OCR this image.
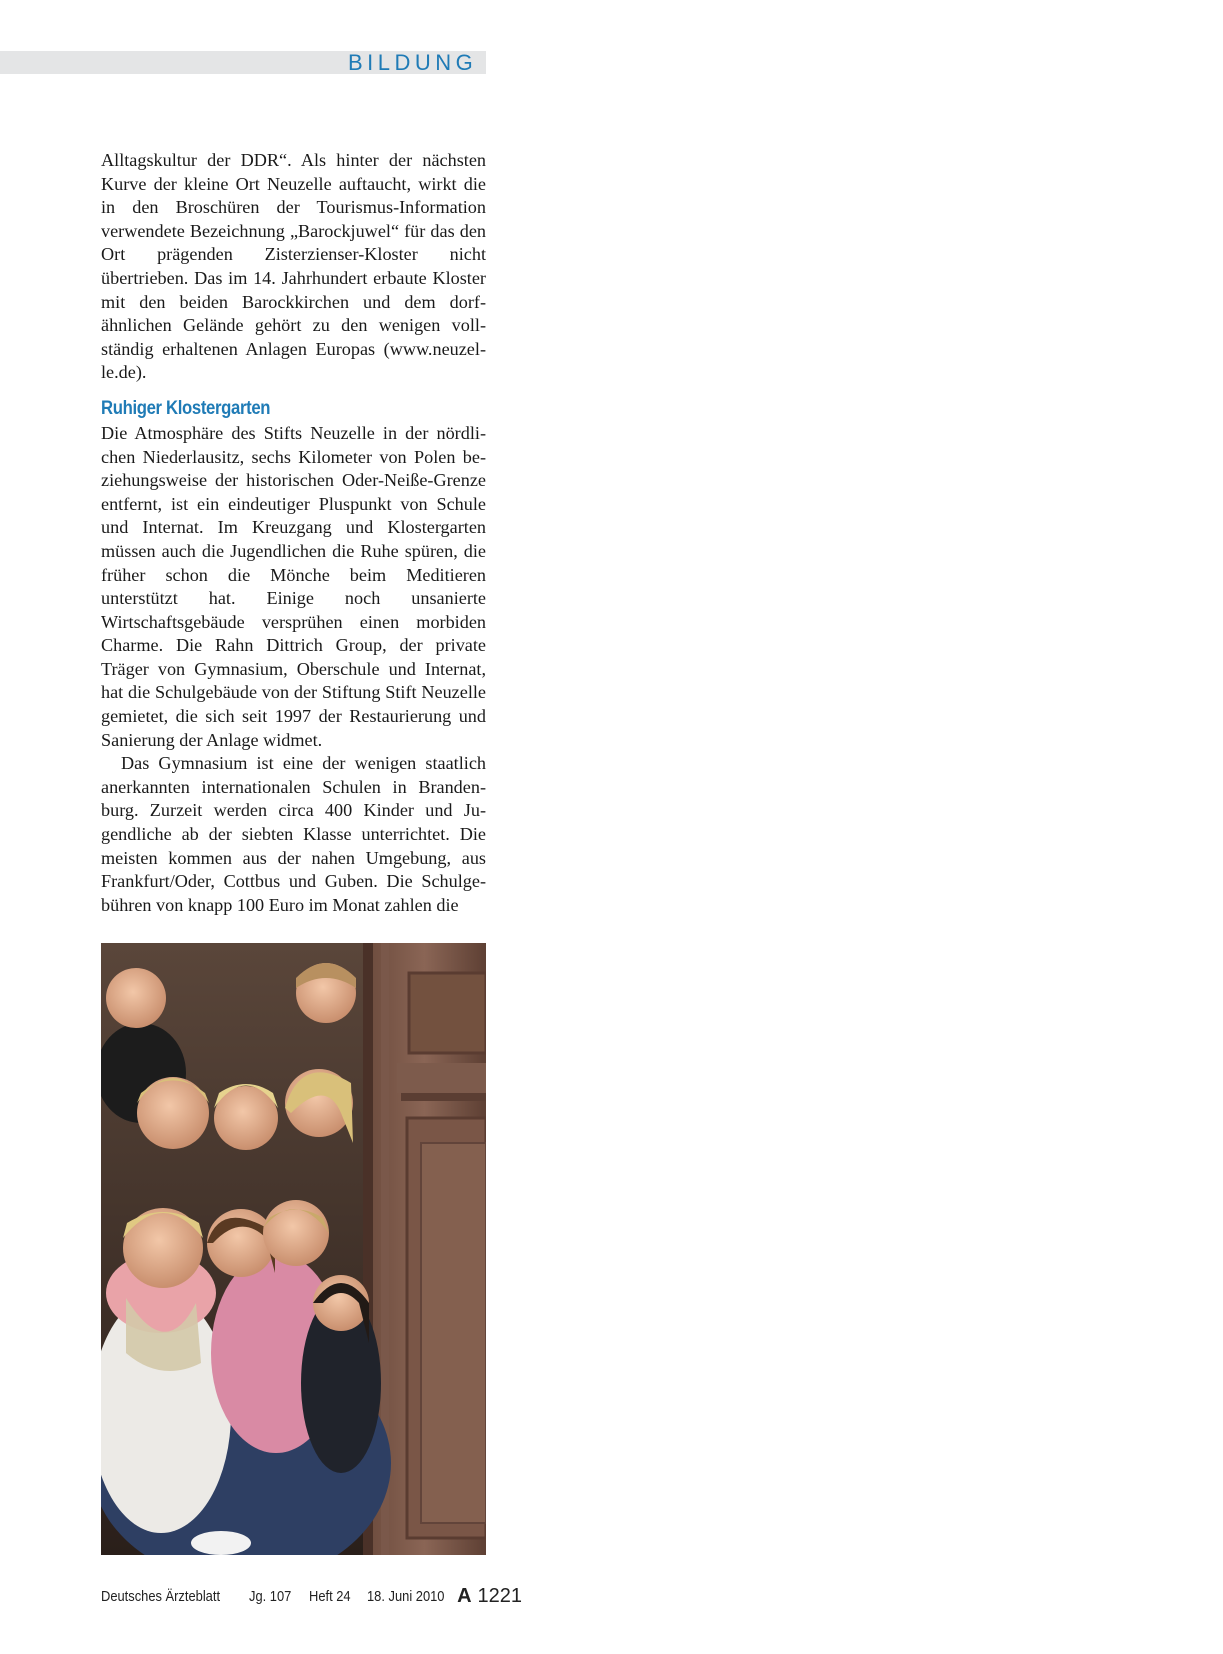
BILDUNG

Alltagskultur der DDR“. Als hinter der nächsten Kurve der kleine Ort Neuzelle auftaucht, wirkt die in den Broschüren der Tourismus-Information verwendete Bezeichnung „Barockjuwel“ für das den Ort prägenden Zisterzienser-Kloster nicht übertrieben. Das im 14. Jahrhundert erbaute Kloster mit den beiden Barockkirchen und dem dorfähnlichen Gelände gehört zu den wenigen vollständig erhaltenen Anlagen Europas (www.neuzelle.de).

Ruhiger Klostergarten

Die Atmosphäre des Stifts Neuzelle in der nördlichen Niederlausitz, sechs Kilometer von Polen beziehungsweise der historischen Oder-Neiße-Grenze entfernt, ist ein eindeutiger Pluspunkt von Schule und Internat. Im Kreuzgang und Klostergarten müssen auch die Jugendlichen die Ruhe spüren, die früher schon die Mönche beim Meditieren unterstützt hat. Einige noch unsanierte Wirtschaftsgebäude versprühen einen morbiden Charme. Die Rahn Dittrich Group, der private Träger von Gymnasium, Oberschule und Internat, hat die Schulgebäude von der Stiftung Stift Neuzelle gemietet, die sich seit 1997 der Restaurierung und Sanierung der Anlage widmet.

Das Gymnasium ist eine der wenigen staatlich anerkannten internationalen Schulen in Brandenburg. Zurzeit werden circa 400 Kinder und Jugendliche ab der siebten Klasse unterrichtet. Die meisten kommen aus der nahen Umgebung, aus Frankfurt/Oder, Cottbus und Guben. Die Schulgebühren von knapp 100 Euro im Monat zahlen die

Deutsches Ärzteblatt Jg. 107 Heft 24 18. Juni 2010 A 1221
